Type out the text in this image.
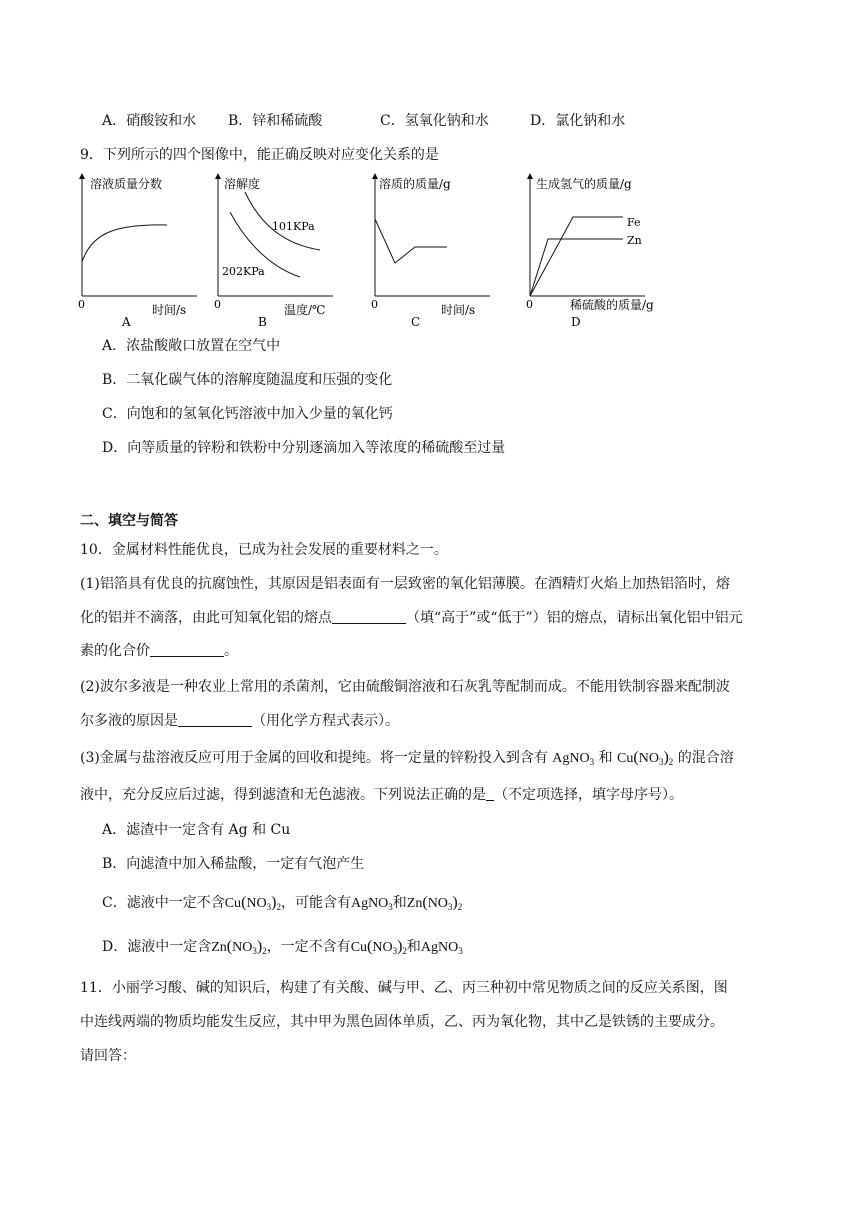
A．硝酸铵和水 B．锌和稀硫酸	C．氢氧化钠和水	D．氯化钠和水
9．下列所示的四个图像中，能正确反映对应变化关系的是
溶液质量分数
0	时间/s
A
溶解度
101KPa
202KPa
0	温度/℃
B
溶质的质量/g
0	时间/s
C
生成氢气的质量/g
Fe
Zn
0	稀硫酸的质量/g
D
A．浓盐酸敞口放置在空气中
B．二氧化碳气体的溶解度随温度和压强的变化
C．向饱和的氢氧化钙溶液中加入少量的氧化钙
D．向等质量的锌粉和铁粉中分别逐滴加入等浓度的稀硫酸至过量
二、填空与简答
10．金属材料性能优良，已成为社会发展的重要材料之一。
(1)铝箔具有优良的抗腐蚀性，其原因是铝表面有一层致密的氧化铝薄膜。在酒精灯火焰上加热铝箔时，熔
化的铝并不滴落，由此可知氧化铝的熔点	（填“高于”或“低于”）铝的熔点，请标出氧化铝中铝元
素的化合价	。
(2)波尔多液是一种农业上常用的杀菌剂，它由硫酸铜溶液和石灰乳等配制而成。不能用铁制容器来配制波
尔多液的原因是	（用化学方程式表示）。
(3)金属与盐溶液反应可用于金属的回收和提纯。将一定量的锌粉投入到含有 AgNO$_3$ 和 $Cu(NO_3)_2$ 的混合溶
液中，充分反应后过滤，得到滤渣和无色滤液。下列说法正确的是 （不定项选择，填字母序号）。
A．滤渣中一定含有 Ag 和 Cu
B．向滤渣中加入稀盐酸，一定有气泡产生
C．滤液中一定不含$Cu(NO_3)_2$，可能含有AgNO$_3$和$Zn(NO_3)_2$
D．滤液中一定含$Zn(NO_3)_2$，一定不含有$Cu(NO_3)_2$和AgNO$_3$
11．小丽学习酸、碱的知识后，构建了有关酸、碱与甲、乙、丙三种初中常见物质之间的反应关系图，图
中连线两端的物质均能发生反应，其中甲为黑色固体单质，乙、丙为氧化物，其中乙是铁锈的主要成分。
请回答：
